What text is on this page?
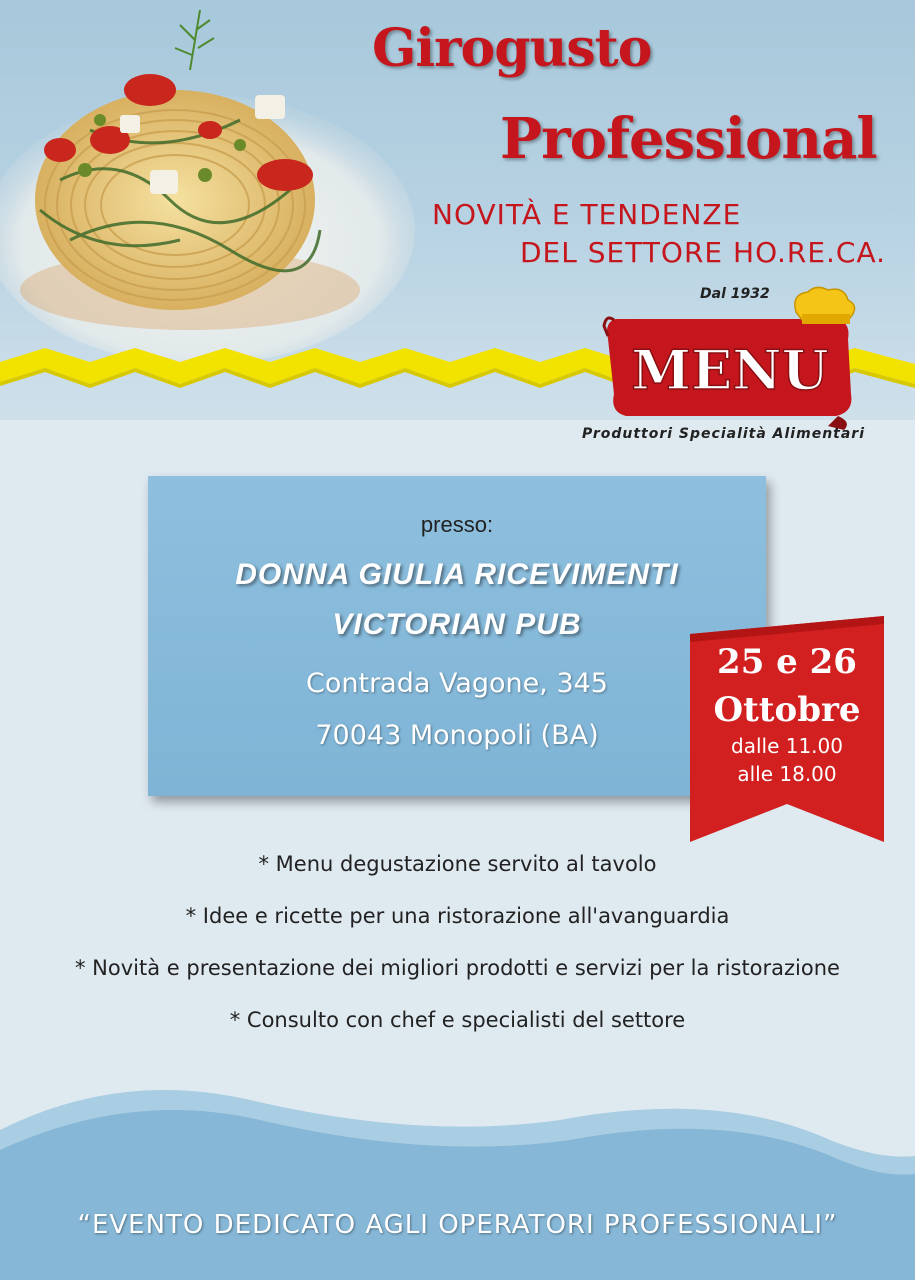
Girogusto
Professional
NOVITÀ E TENDENZE
DEL SETTORE HO.RE.CA.
MENU
Dal 1932
Produttori Specialità Alimentari
presso:
DONNA GIULIA RICEVIMENTI
VICTORIAN PUB
Contrada Vagone, 345
70043 Monopoli (BA)
25 e 26
Ottobre
dalle 11.00
alle 18.00
* Menu degustazione servito al tavolo
* Idee e ricette per una ristorazione all'avanguardia
* Novità e presentazione dei migliori prodotti e servizi per la ristorazione
* Consulto con chef e specialisti del settore
“EVENTO DEDICATO AGLI OPERATORI PROFESSIONALI”
